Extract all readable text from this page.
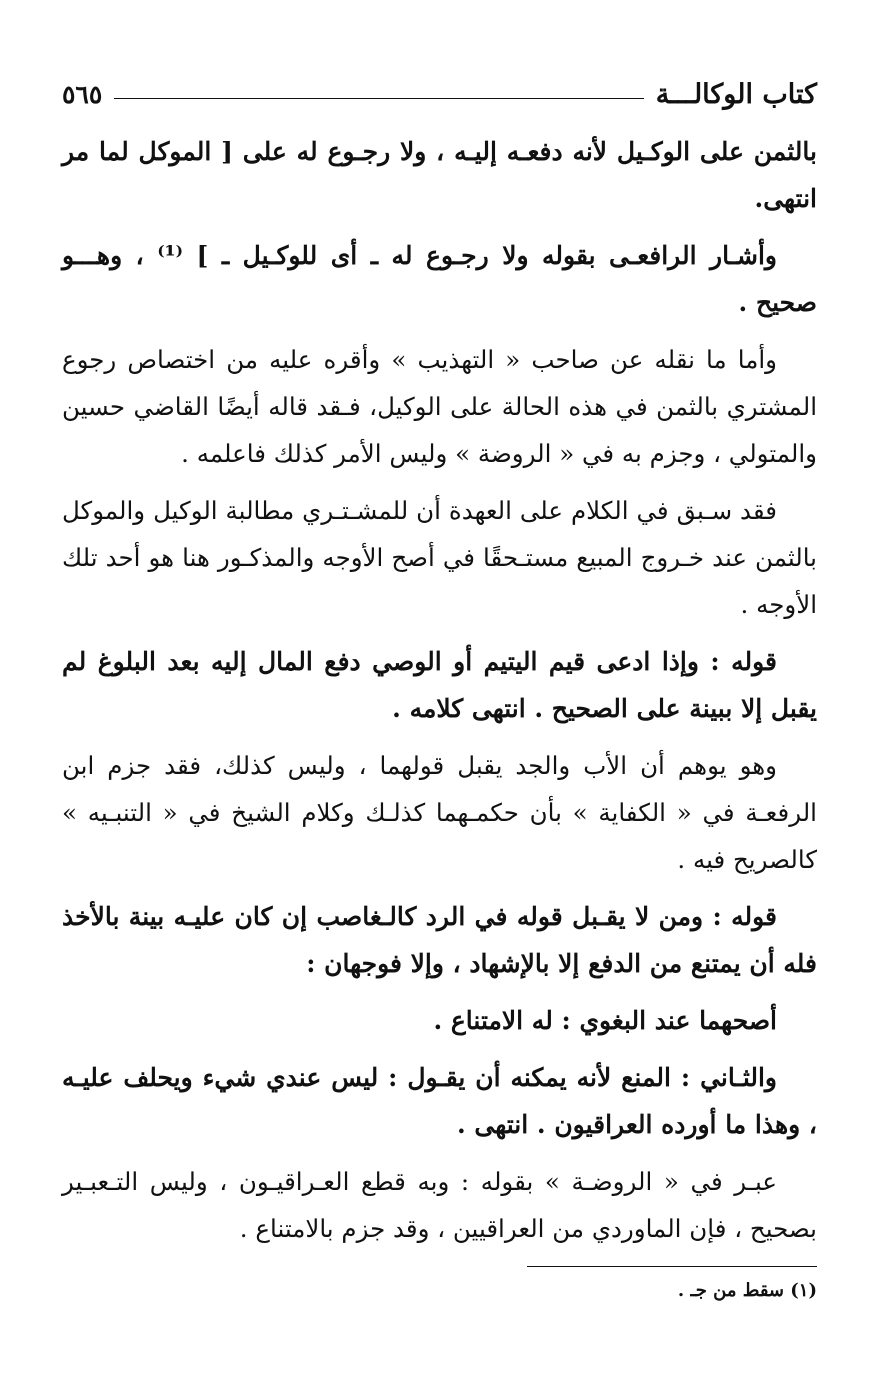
كتاب الوكالـــة
٥٦٥

بالثمن على الوكـيل لأنه دفعـه إليـه ، ولا رجـوع له على [ الموكل لما مر انتهى.

وأشـار الرافعـى بقوله ولا رجـوع له ـ أى للوكـيل ـ ] ⁽¹⁾ ، وهـــو صحيح .

وأما ما نقله عن صاحب « التهذيب » وأقره عليه من اختصاص رجوع المشتري بالثمن في هذه الحالة على الوكيل، فـقد قاله أيضًا القاضي حسين والمتولي ، وجزم به في « الروضة » وليس الأمر كذلك فاعلمه .

فقد سـبق في الكلام على العهدة أن للمشـتـري مطالبة الوكيل والموكل بالثمن عند خـروج المبيع مستـحقًا في أصح الأوجه والمذكـور هنا هو أحد تلك الأوجه .

قوله : وإذا ادعى قيم اليتيم أو الوصي دفع المال إليه بعد البلوغ لم يقبل إلا ببينة على الصحيح . انتهى كلامه .

وهو يوهم أن الأب والجد يقبل قولهما ، وليس كذلك، فقد جزم ابن الرفعـة في « الكفاية » بأن حكمـهما كذلـك وكلام الشيخ في « التنبـيه » كالصريح فيه .

قوله : ومن لا يقـبل قوله في الرد كالـغاصب إن كان عليـه بينة بالأخذ فله أن يمتنع من الدفع إلا بالإشهاد ، وإلا فوجهان :

أصحهما عند البغوي : له الامتناع .

والثـاني : المنع لأنه يمكنه أن يقـول : ليس عندي شيء ويحلف عليـه ، وهذا ما أورده العراقيون . انتهى .

عبـر في « الروضـة » بقوله : وبه قطع العـراقيـون ، وليس التـعبـير بصحيح ، فإن الماوردي من العراقيين ، وقد جزم بالامتناع .

(١) سقط من جـ .
